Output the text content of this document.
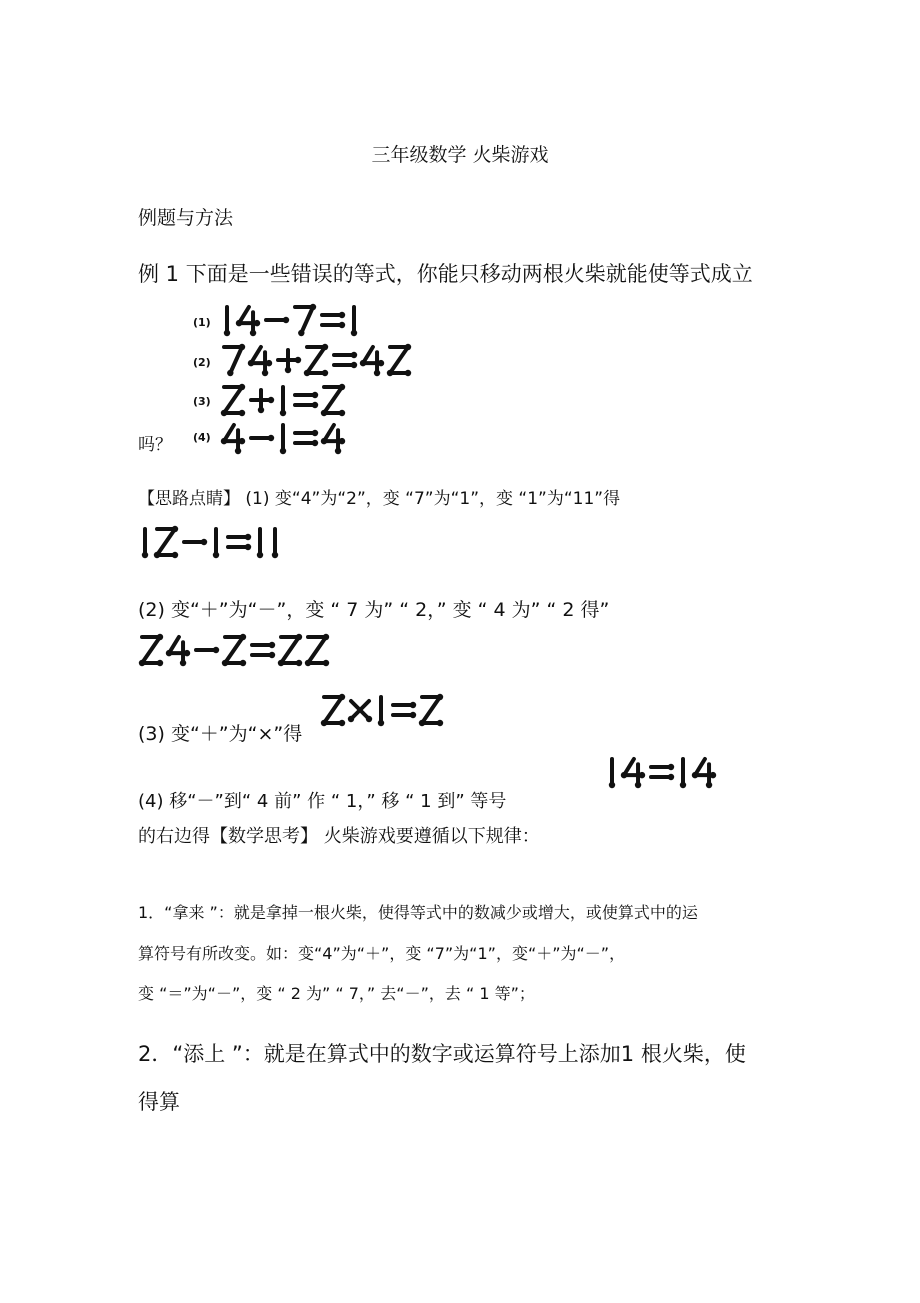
三年级数学 火柴游戏

例题与方法

例 1 下面是一些错误的等式，你能只移动两根火柴就能使等式成立

(1)
(2)
(3)
(4)

吗？

【思路点睛】 (1) 变“4”为“2”，变 “7”为“1”，变 “1”为“11”得

(2) 变“＋”为“－”，变 “ 7 为” “ 2，” 变 “ 4 为” “ 2 得”

(3) 变“＋”为“×”得

(4) 移“－”到“ 4 前” 作 “ 1，” 移 “ 1 到” 等号

的右边得【数学思考】 火柴游戏要遵循以下规律：

1．“拿来 ”：就是拿掉一根火柴，使得等式中的数减少或增大，或使算式中的运

算符号有所改变。如：变“4”为“＋”，变 “7”为“1”，变“＋”为“－”，

变 “＝”为“－”，变 “ 2 为” “ 7，” 去“－”，去 “ 1 等”；

2．“添上 ”：就是在算式中的数字或运算符号上添加1 根火柴，使

得算
